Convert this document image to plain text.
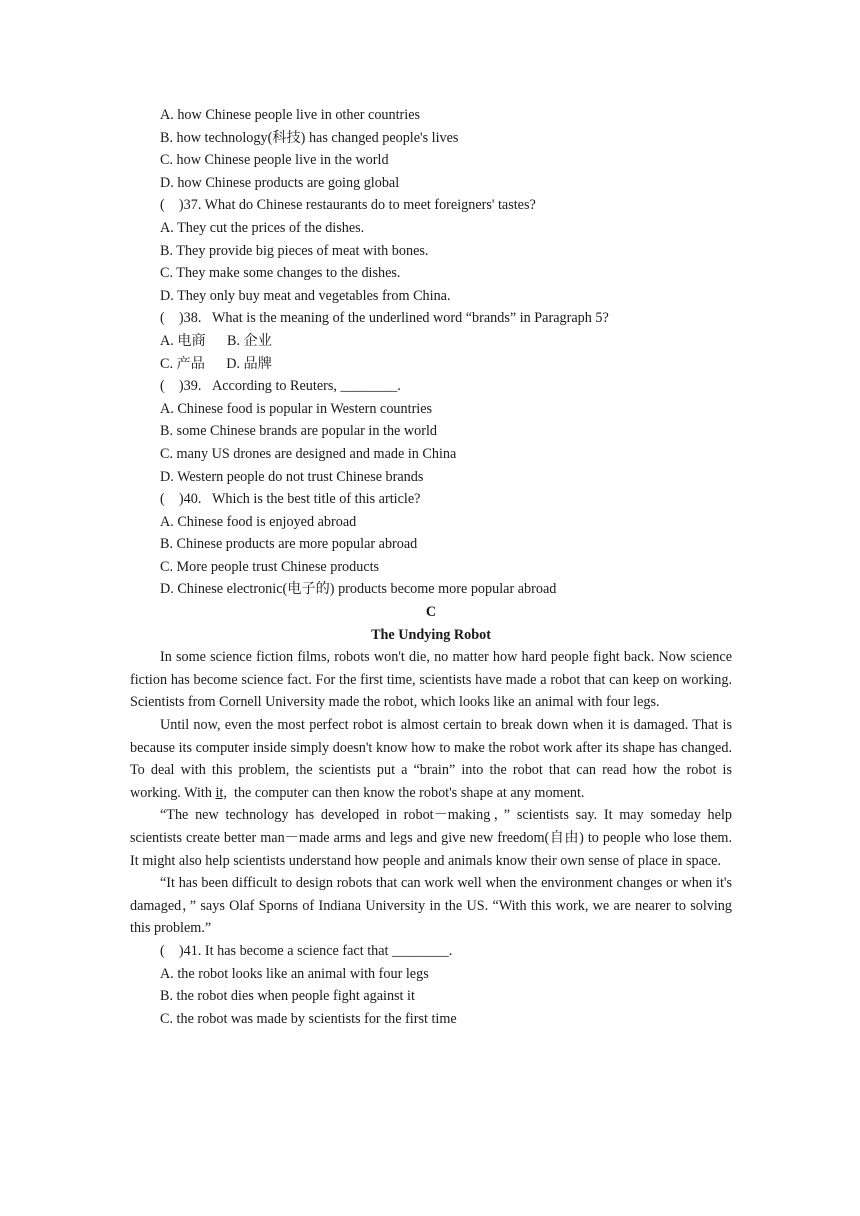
A. how Chinese people live in other countries
B. how technology(科技) has changed people's lives
C. how Chinese people live in the world
D. how Chinese products are going global
(    )37. What do Chinese restaurants do to meet foreigners' tastes?
A. They cut the prices of the dishes.
B. They provide big pieces of meat with bones.
C. They make some changes to the dishes.
D. They only buy meat and vegetables from China.
(    )38.   What is the meaning of the underlined word “brands” in Paragraph 5?
A. 电商      B. 企业
C. 产品      D. 品牌
(    )39.   According to Reuters, ________.
A. Chinese food is popular in Western countries
B. some Chinese brands are popular in the world
C. many US drones are designed and made in China
D. Western people do not trust Chinese brands
(    )40.   Which is the best title of this article?
A. Chinese food is enjoyed abroad
B. Chinese products are more popular abroad
C. More people trust Chinese products
D. Chinese electronic(电子的) products become more popular abroad
C
The Undying Robot
In some science fiction films, robots won't die, no matter how hard people fight back. Now science fiction has become science fact. For the first time, scientists have made a robot that can keep on working. Scientists from Cornell University made the robot, which looks like an animal with four legs.
Until now, even the most perfect robot is almost certain to break down when it is damaged. That is because its computer inside simply doesn't know how to make the robot work after its shape has changed. To deal with this problem, the scientists put a “brain” into the robot that can read how the robot is working. With it,  the computer can then know the robot's shape at any moment.
“The new technology has developed in robot－making，” scientists say. It may someday help scientists create better man－made arms and legs and give new freedom(自由) to people who lose them. It might also help scientists understand how people and animals know their own sense of place in space.
“It has been difficult to design robots that can work well when the environment changes or when it's damaged，” says Olaf Sporns of Indiana University in the US. “With this work, we are nearer to solving this problem.”
(    )41. It has become a science fact that ________.
A. the robot looks like an animal with four legs
B. the robot dies when people fight against it
C. the robot was made by scientists for the first time
